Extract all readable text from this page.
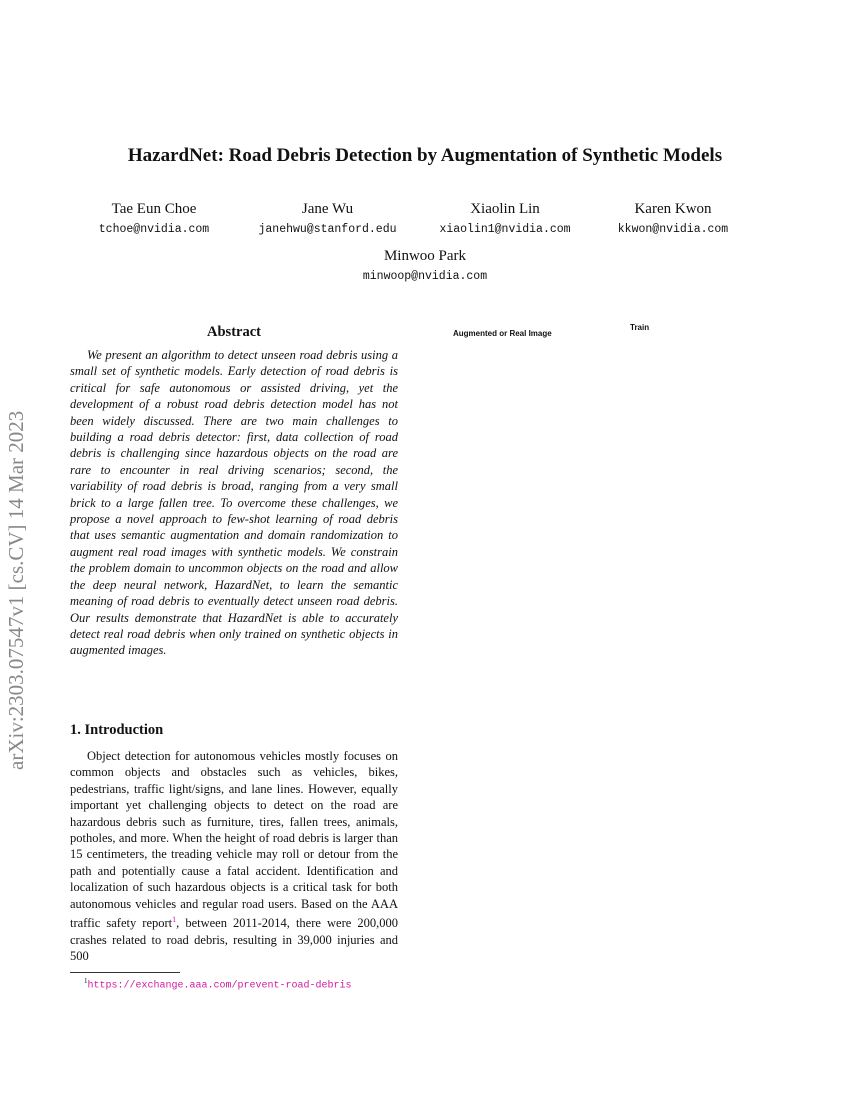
arXiv:2303.07547v1 [cs.CV] 14 Mar 2023
HazardNet: Road Debris Detection by Augmentation of Synthetic Models
Tae Eun Choe
tchoe@nvidia.com
Jane Wu
janehwu@stanford.edu
Xiaolin Lin
xiaolin1@nvidia.com
Karen Kwon
kkwon@nvidia.com
Minwoo Park
minwoop@nvidia.com
Abstract

We present an algorithm to detect unseen road debris using a small set of synthetic models. Early detection of road debris is critical for safe autonomous or assisted driving, yet the development of a robust road debris detection model has not been widely discussed. There are two main challenges to building a road debris detector: first, data collection of road debris is challenging since hazardous objects on the road are rare to encounter in real driving scenarios; second, the variability of road debris is broad, ranging from a very small brick to a large fallen tree. To overcome these challenges, we propose a novel approach to few-shot learning of road debris that uses semantic augmentation and domain randomization to augment real road images with synthetic models. We constrain the problem domain to uncommon objects on the road and allow the deep neural network, HazardNet, to learn the semantic meaning of road debris to eventually detect unseen road debris. Our results demonstrate that HazardNet is able to accurately detect real road debris when only trained on synthetic objects in augmented images.

1. Introduction

Object detection for autonomous vehicles mostly focuses on common objects and obstacles such as vehicles, bikes, pedestrians, traffic light/signs, and lane lines. However, equally important yet challenging objects to detect on the road are hazardous debris such as furniture, tires, fallen trees, animals, potholes, and more. When the height of road debris is larger than 15 centimeters, the treading vehicle may roll or detour from the path and potentially cause a fatal accident. Identification and localization of such hazardous objects is a critical task for both autonomous vehicles and regular road users. Based on the AAA traffic safety report$^1$, between 2011-2014, there were 200,000 crashes related to road debris, resulting in 39,000 injuries and 500

$^1$https://exchange.aaa.com/prevent-road-debris
Augmented or Real Image
Train
